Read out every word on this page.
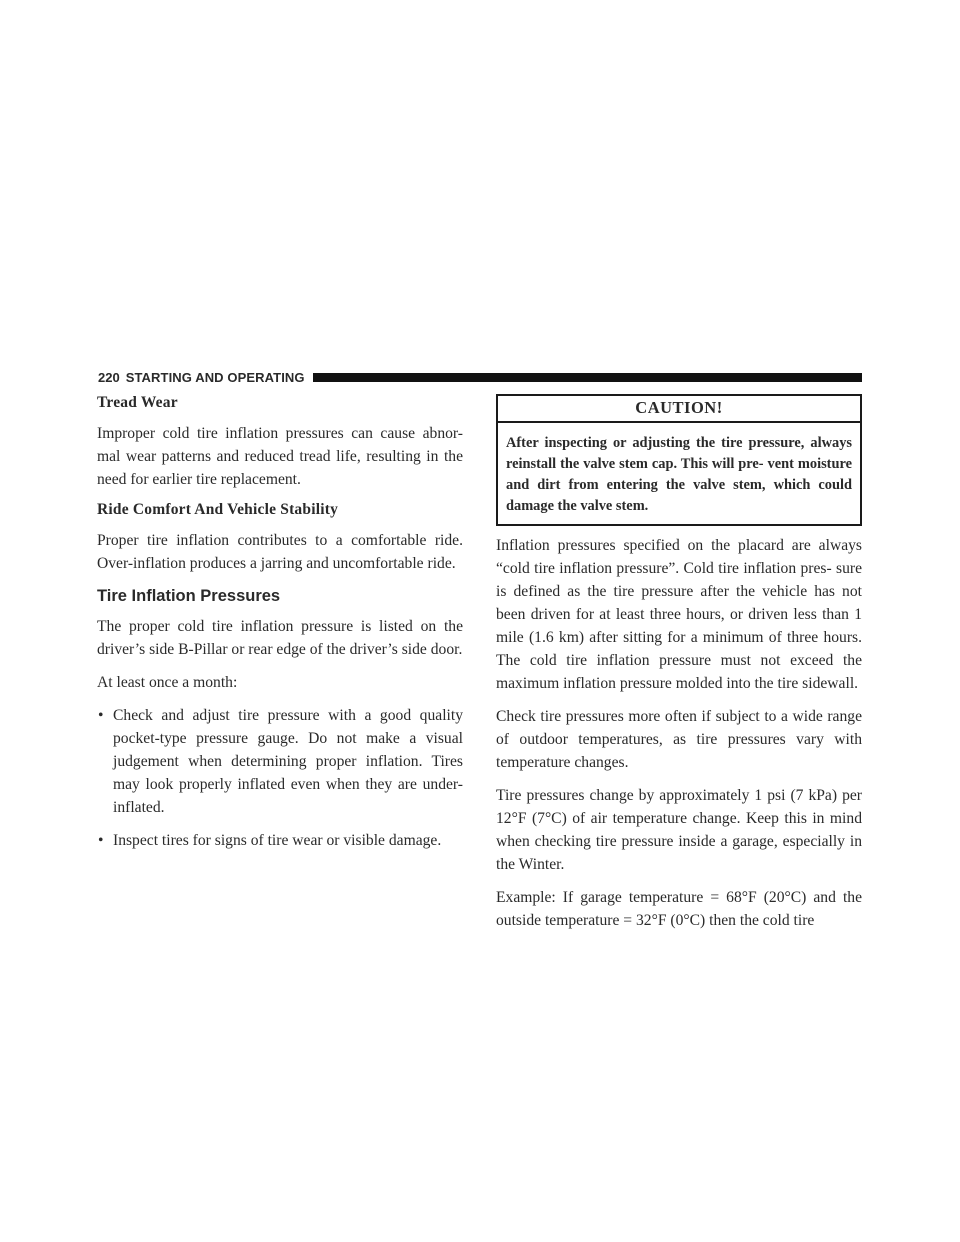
220 STARTING AND OPERATING
Tread Wear

Improper cold tire inflation pressures can cause abnor- mal wear patterns and reduced tread life, resulting in the need for earlier tire replacement.

Ride Comfort And Vehicle Stability

Proper tire inflation contributes to a comfortable ride. Over-inflation produces a jarring and uncomfortable ride.

Tire Inflation Pressures

The proper cold tire inflation pressure is listed on the driver’s side B-Pillar or rear edge of the driver’s side door.

At least once a month:

• Check and adjust tire pressure with a good quality pocket-type pressure gauge. Do not make a visual judgement when determining proper inflation. Tires may look properly inflated even when they are under-inflated.
• Inspect tires for signs of tire wear or visible damage.
CAUTION!
After inspecting or adjusting the tire pressure, always reinstall the valve stem cap. This will pre- vent moisture and dirt from entering the valve stem, which could damage the valve stem.

Inflation pressures specified on the placard are always “cold tire inflation pressure”. Cold tire inflation pres- sure is defined as the tire pressure after the vehicle has not been driven for at least three hours, or driven less than 1 mile (1.6 km) after sitting for a minimum of three hours. The cold tire inflation pressure must not exceed the maximum inflation pressure molded into the tire sidewall.

Check tire pressures more often if subject to a wide range of outdoor temperatures, as tire pressures vary with temperature changes.

Tire pressures change by approximately 1 psi (7 kPa) per 12°F (7°C) of air temperature change. Keep this in mind when checking tire pressure inside a garage, especially in the Winter.

Example: If garage temperature = 68°F (20°C) and the outside temperature = 32°F (0°C) then the cold tire
